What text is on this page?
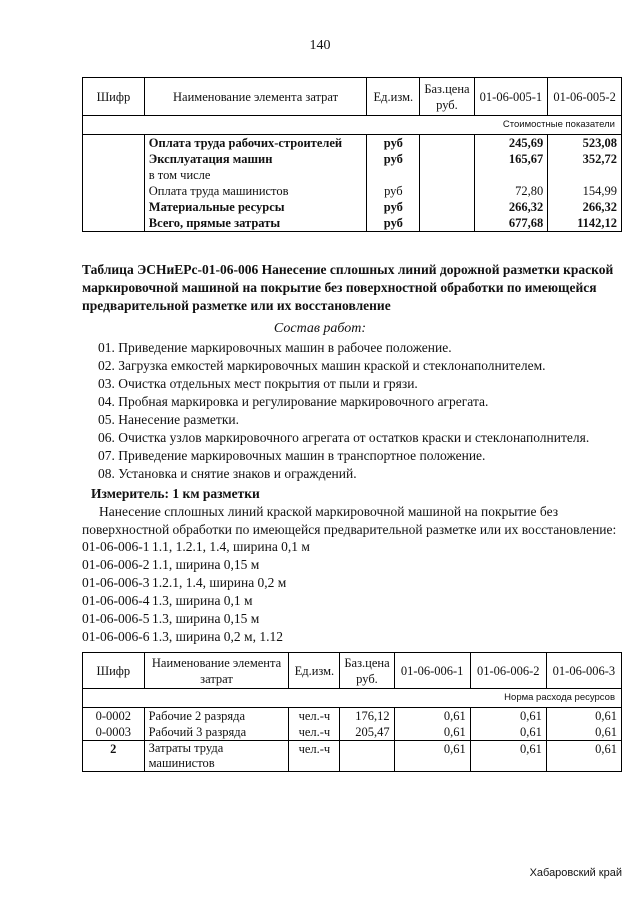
140
Шифр	Наименование элемента затрат	Ед.изм.	Баз.цена руб.	01-06-005-1	01-06-005-2
Стоимостные показатели					
	Оплата труда рабочих-строителей	руб		245,69	523,08
	Эксплуатация машин	руб		165,67	352,72
	в том числе				
	Оплата труда машинистов	руб		72,80	154,99
	Материальные ресурсы	руб		266,32	266,32
	Всего, прямые затраты	руб		677,68	1142,12
Таблица ЭСНиЕРс-01-06-006 Нанесение сплошных линий дорожной разметки краской
маркировочной машиной на покрытие без поверхностной обработки по имеющейся
предварительной разметке или их восстановление
Состав работ:
01. Приведение маркировочных машин в рабочее положение.
02. Загрузка емкостей маркировочных машин краской и стеклонаполнителем.
03. Очистка отдельных мест покрытия от пыли и грязи.
04. Пробная маркировка и регулирование маркировочного агрегата.
05. Нанесение разметки.
06. Очистка узлов маркировочного агрегата от остатков краски и стеклонаполнителя.
07. Приведение маркировочных машин в транспортное положение.
08. Установка и снятие знаков и ограждений.
Измеритель: 1 км разметки
Нанесение сплошных линий краской маркировочной машиной на покрытие без поверхностной обработки по имеющейся предварительной разметке или их восстановление:
01-06-006-1 1.1, 1.2.1, 1.4, ширина 0,1 м
01-06-006-2 1.1, ширина 0,15 м
01-06-006-3 1.2.1, 1.4, ширина 0,2 м
01-06-006-4 1.3, ширина 0,1 м
01-06-006-5 1.3, ширина 0,15 м
01-06-006-6 1.3, ширина 0,2 м, 1.12
Шифр	Наименование элемента затрат	Ед.изм.	Баз.цена руб.	01-06-006-1	01-06-006-2	01-06-006-3
Норма расхода ресурсов						
0-0002	Рабочие 2 разряда	чел.-ч	176,12	0,61	0,61	0,61
0-0003	Рабочий 3 разряда	чел.-ч	205,47	0,61	0,61	0,61
2	Затраты труда машинистов	чел.-ч		0,61	0,61	0,61
Хабаровский край
